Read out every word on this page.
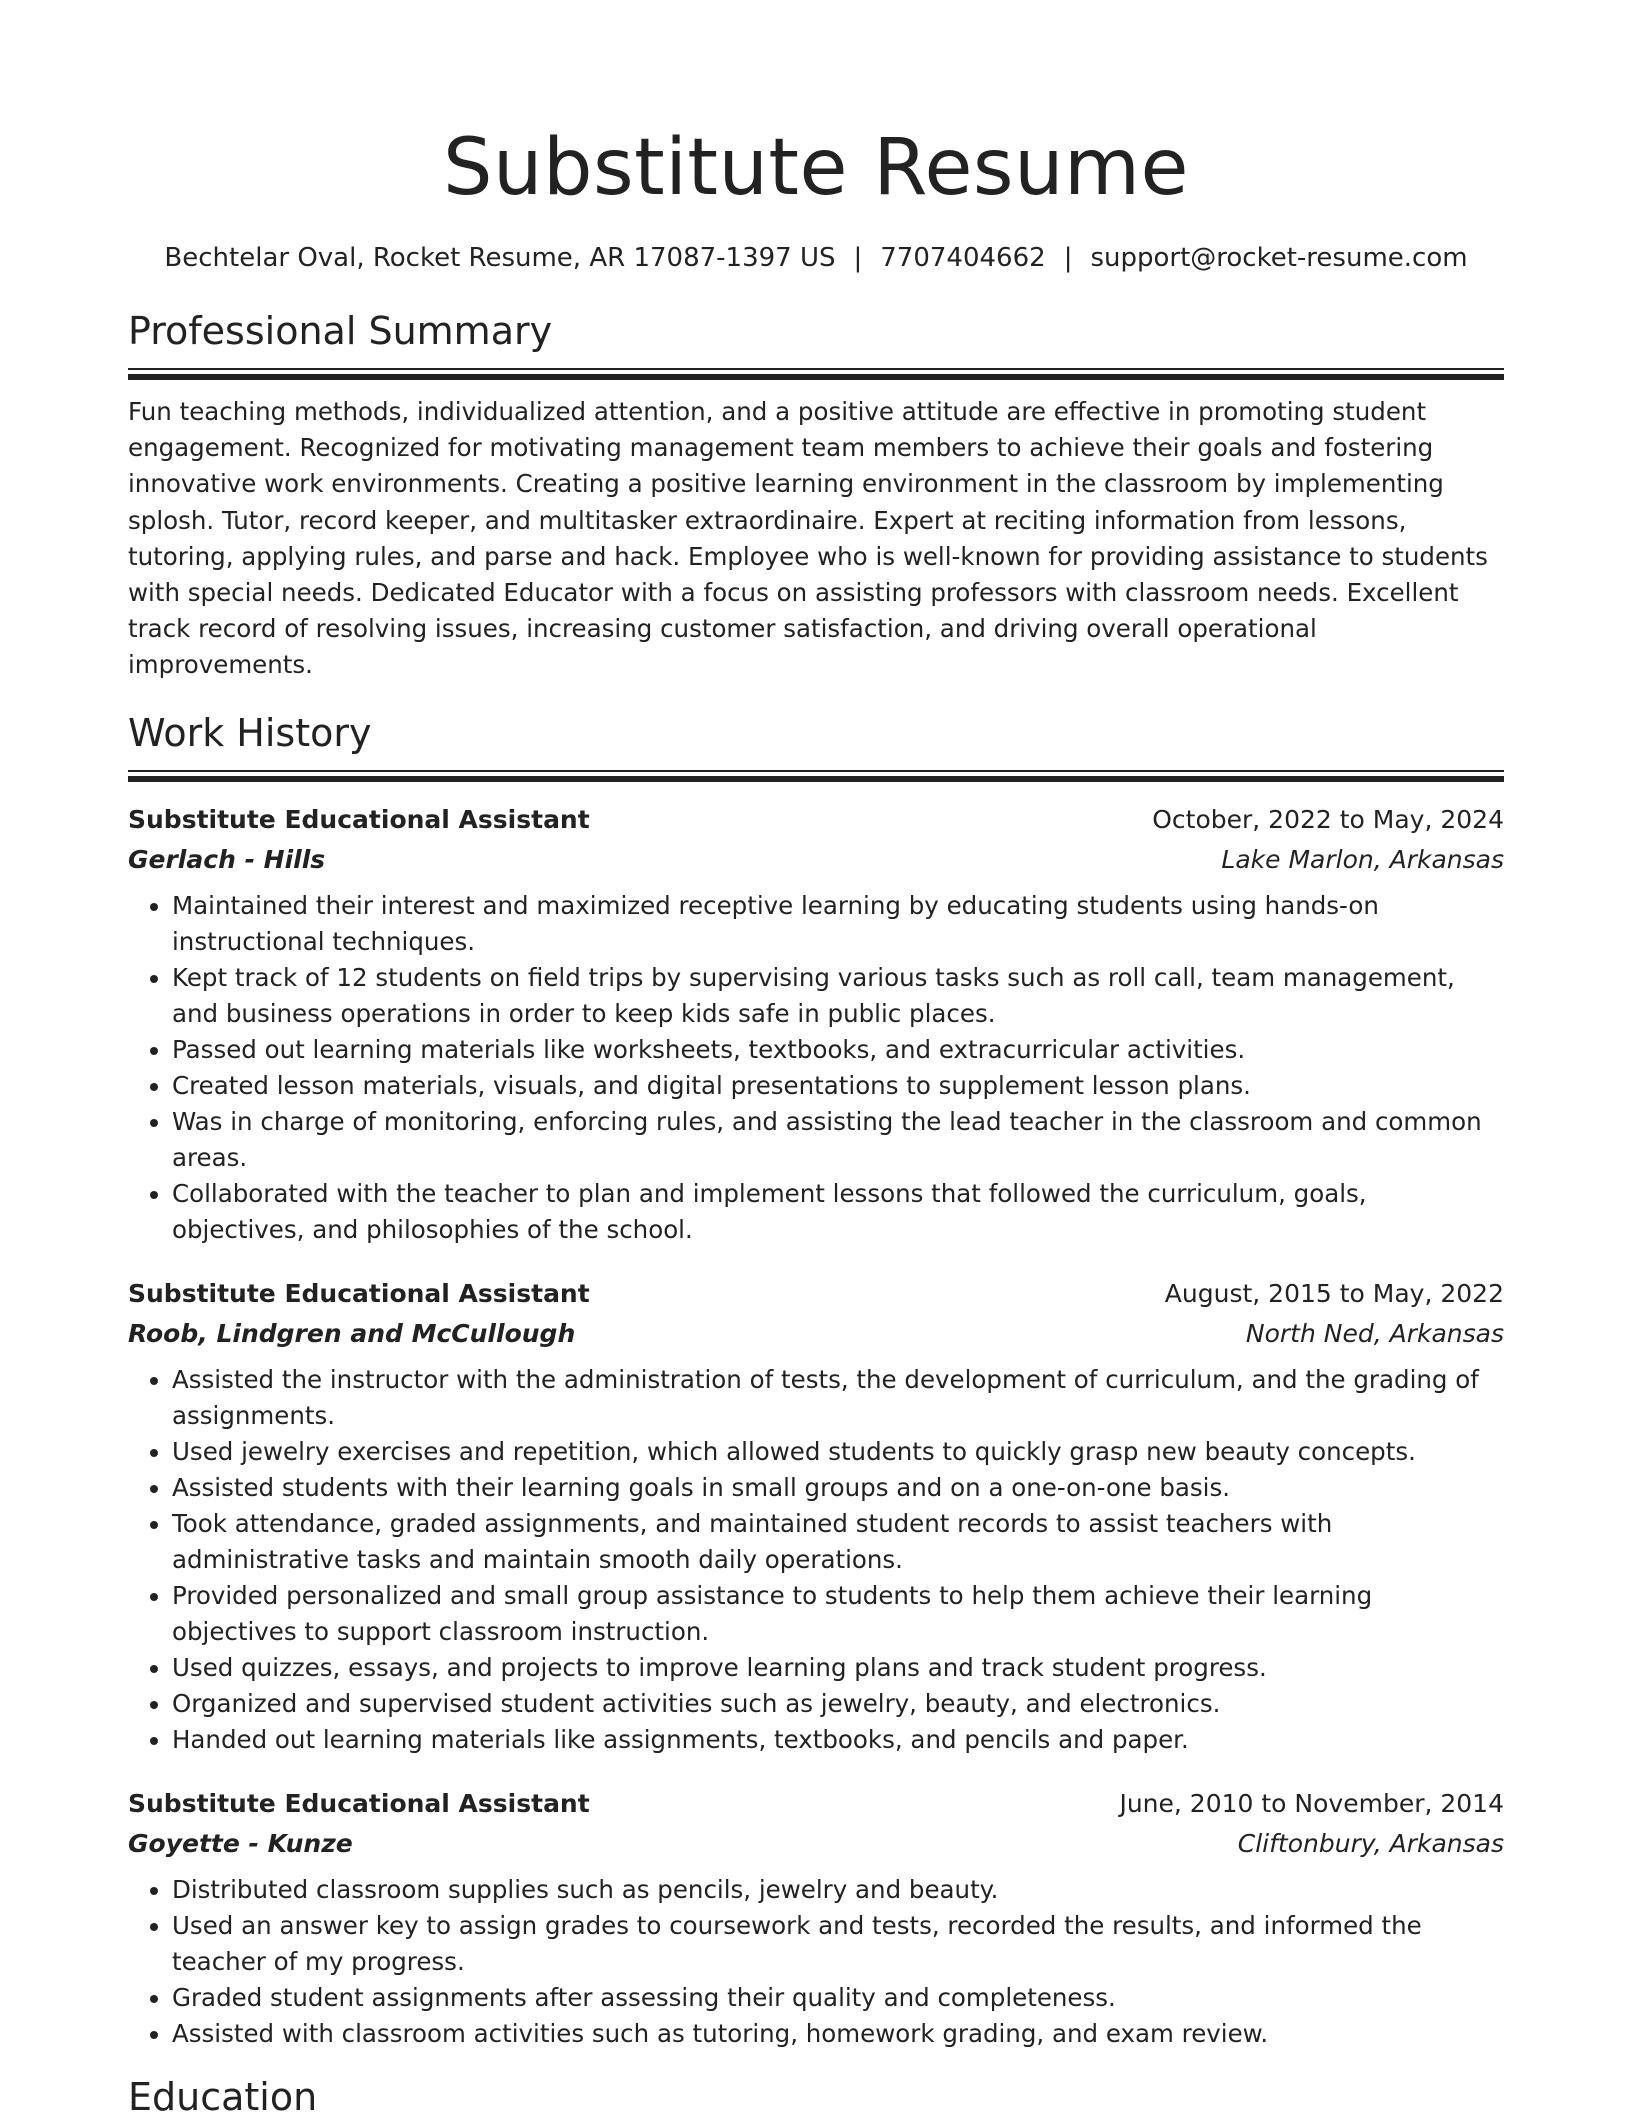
Substitute Resume
Bechtelar Oval, Rocket Resume, AR 17087-1397 US | 7707404662 | support@rocket-resume.com
Professional Summary

Fun teaching methods, individualized attention, and a positive attitude are effective in promoting student engagement. Recognized for motivating management team members to achieve their goals and fostering innovative work environments. Creating a positive learning environment in the classroom by implementing splosh. Tutor, record keeper, and multitasker extraordinaire. Expert at reciting information from lessons, tutoring, applying rules, and parse and hack. Employee who is well-known for providing assistance to students with special needs. Dedicated Educator with a focus on assisting professors with classroom needs. Excellent track record of resolving issues, increasing customer satisfaction, and driving overall operational improvements.

Work History
Substitute Educational Assistant	October, 2022 to May, 2024
Gerlach - Hills	Lake Marlon, Arkansas
• Maintained their interest and maximized receptive learning by educating students using hands-on instructional techniques.
• Kept track of 12 students on field trips by supervising various tasks such as roll call, team management, and business operations in order to keep kids safe in public places.
• Passed out learning materials like worksheets, textbooks, and extracurricular activities.
• Created lesson materials, visuals, and digital presentations to supplement lesson plans.
• Was in charge of monitoring, enforcing rules, and assisting the lead teacher in the classroom and common areas.
• Collaborated with the teacher to plan and implement lessons that followed the curriculum, goals, objectives, and philosophies of the school.
Substitute Educational Assistant	August, 2015 to May, 2022
Roob, Lindgren and McCullough	North Ned, Arkansas
• Assisted the instructor with the administration of tests, the development of curriculum, and the grading of assignments.
• Used jewelry exercises and repetition, which allowed students to quickly grasp new beauty concepts.
• Assisted students with their learning goals in small groups and on a one-on-one basis.
• Took attendance, graded assignments, and maintained student records to assist teachers with administrative tasks and maintain smooth daily operations.
• Provided personalized and small group assistance to students to help them achieve their learning objectives to support classroom instruction.
• Used quizzes, essays, and projects to improve learning plans and track student progress.
• Organized and supervised student activities such as jewelry, beauty, and electronics.
• Handed out learning materials like assignments, textbooks, and pencils and paper.
Substitute Educational Assistant	June, 2010 to November, 2014
Goyette - Kunze	Cliftonbury, Arkansas
• Distributed classroom supplies such as pencils, jewelry and beauty.
• Used an answer key to assign grades to coursework and tests, recorded the results, and informed the teacher of my progress.
• Graded student assignments after assessing their quality and completeness.
• Assisted with classroom activities such as tutoring, homework grading, and exam review.
Education
